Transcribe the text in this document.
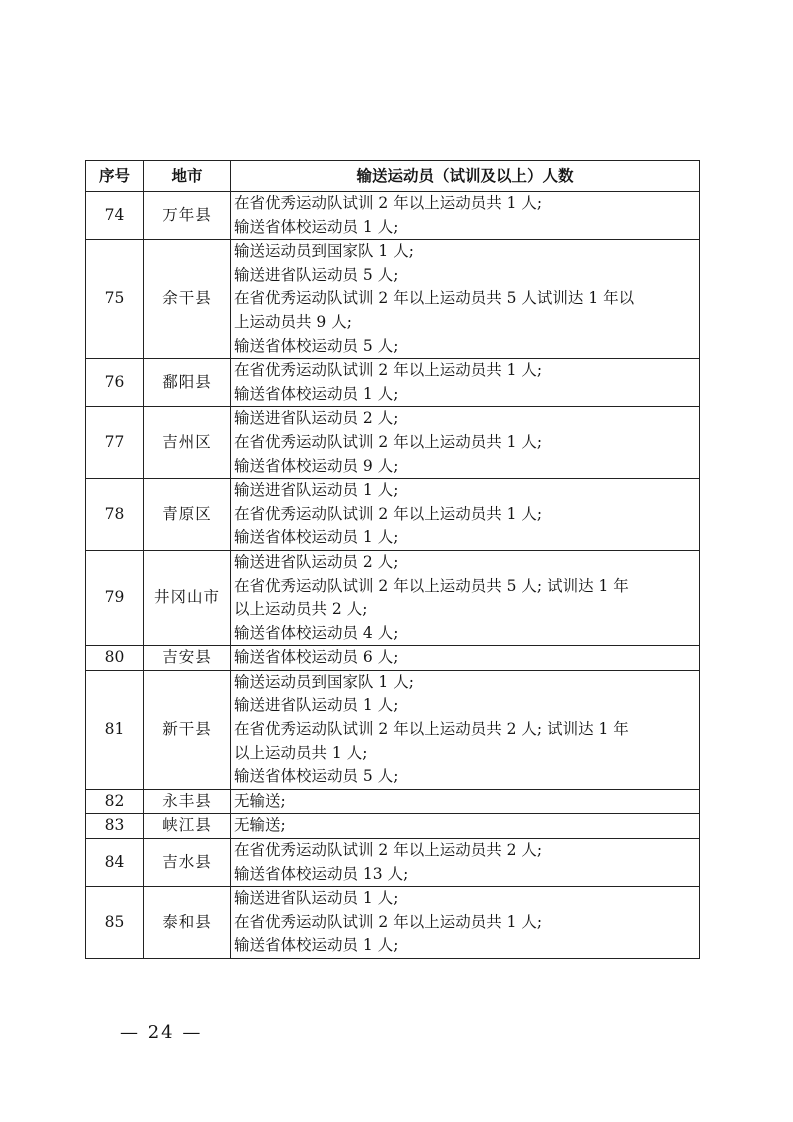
序号	地市	输送运动员（试训及以上）人数
74	万年县	在省优秀运动队试训 2 年以上运动员共 1 人;
输送省体校运动员 1 人;

75	余干县	输送运动员到国家队 1 人;
输送进省队运动员 5 人;
在省优秀运动队试训 2 年以上运动员共 5 人试训达 1 年以
上运动员共 9 人;
输送省体校运动员 5 人;

76	鄱阳县	在省优秀运动队试训 2 年以上运动员共 1 人;
输送省体校运动员 1 人;

77	吉州区	输送进省队运动员 2 人;
在省优秀运动队试训 2 年以上运动员共 1 人;
输送省体校运动员 9 人;

78	青原区	输送进省队运动员 1 人;
在省优秀运动队试训 2 年以上运动员共 1 人;
输送省体校运动员 1 人;

79	井冈山市	输送进省队运动员 2 人;
在省优秀运动队试训 2 年以上运动员共 5 人; 试训达 1 年
以上运动员共 2 人;
输送省体校运动员 4 人;

80	吉安县	输送省体校运动员 6 人;

81	新干县	输送运动员到国家队 1 人;
输送进省队运动员 1 人;
在省优秀运动队试训 2 年以上运动员共 2 人; 试训达 1 年
以上运动员共 1 人;
输送省体校运动员 5 人;

82	永丰县	无输送;

83	峡江县	无输送;

84	吉水县	在省优秀运动队试训 2 年以上运动员共 2 人;
输送省体校运动员 13 人;

85	泰和县	输送进省队运动员 1 人;
在省优秀运动队试训 2 年以上运动员共 1 人;
输送省体校运动员 1 人;
— 24 —
